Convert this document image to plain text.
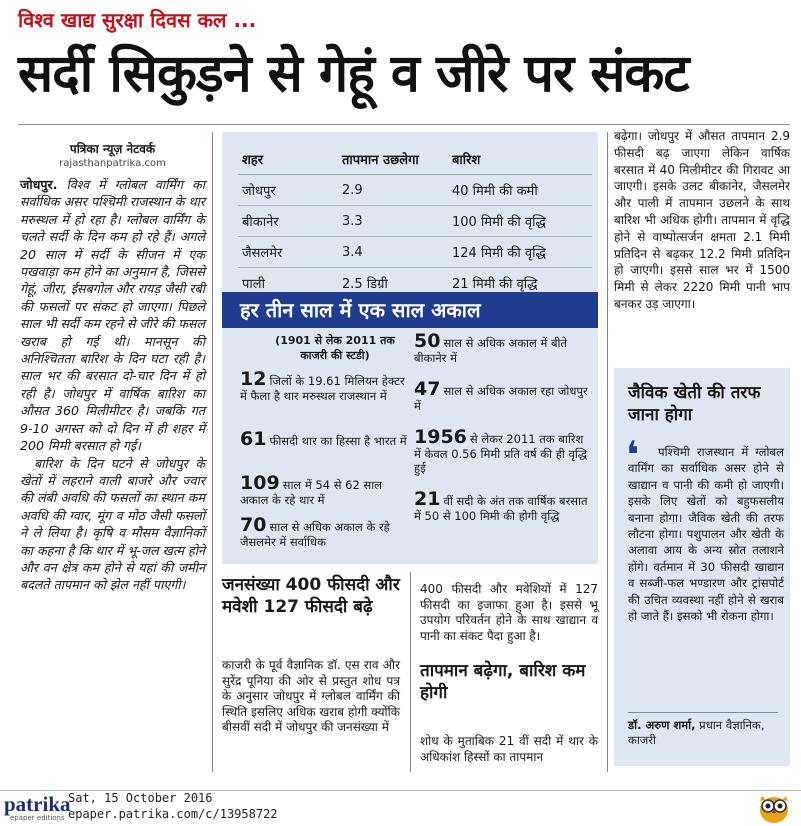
विश्व खाद्य सुरक्षा दिवस कल ...
सर्दी सिकुड़ने से गेहूं व जीरे पर संकट
पत्रिका न्यूज़ नेटवर्क
rajasthanpatrika.com

जोधपुर. विश्व में ग्लोबल वार्मिंग का सर्वाधिक असर पश्चिमी राजस्थान के थार मरुस्थल में हो रहा है। ग्लोबल वार्मिंग के चलते सर्दी के दिन कम हो रहे हैं। अगले 20 साल में सर्दी के सीजन में एक पखवाड़ा कम होने का अनुमान है, जिससे गेहूं, जीरा, ईसबगोल और रायड़ जैसी रबी की फसलों पर संकट हो जाएगा। पिछले साल भी सर्दी कम रहने से जीरे की फसल खराब हो गई थी। मानसून की अनिश्चितता बारिश के दिन घटा रही है। साल भर की बरसात दो-चार दिन में हो रही है। जोधपुर में वार्षिक बारिश का औसत 360 मिलीमीटर है। जबकि गत 9-10 अगस्त को दो दिन में ही शहर में 200 मिमी बरसात हो गई।

बारिश के दिन घटने से जोधपुर के खेतों में लहराने वाली बाजरे और ज्वार की लंबी अवधि की फसलों का स्थान कम अवधि की ग्वार, मूंग व मोठ जैसी फसलों ने ले लिया है। कृषि व मौसम वैज्ञानिकों का कहना है कि थार में भू-जल खत्म होने और वन क्षेत्र कम होने से यहां की जमीन बदलते तापमान को झेल नहीं पाएगी।

शहर	तापमान उछलेगा	बारिश
जोधपुर	2.9	40 मिमी की कमी
बीकानेर	3.3	100 मिमी की वृद्धि
जैसलमेर	3.4	124 मिमी की वृद्धि
पाली	2.5 डिग्री	21 मिमी की वृद्धि
हर तीन साल में एक साल अकाल
(1901 से लेक 2011 तक काजरी की स्टडी)
12 जिलों के 19.61 मिलियन हेक्टर में फैला है थार मरुस्थल राजस्थान में
61 फीसदी थार का हिस्सा है भारत में
109 साल में 54 से 62 साल अकाल के रहे थार में
70 साल से अधिक अकाल के रहे जैसलमेर में सर्वाधिक
50 साल से अधिक अकाल में बीते बीकानेर में
47 साल से अधिक अकाल रहा जोधपुर में
1956 से लेकर 2011 तक बारिश में केवल 0.56 मिमी प्रति वर्ष की ही वृद्धि हुई
21 वीं सदी के अंत तक वार्षिक बरसात में 50 से 100 मिमी की होगी वृद्धि
जनसंख्या 400 फीसदी और मवेशी 127 फीसदी बढ़े
काजरी के पूर्व वैज्ञानिक डॉ. एस राव और सुरेंद्र पूनिया की ओर से प्रस्तुत शोध पत्र के अनुसार जोधपुर में ग्लोबल वार्मिंग की स्थिति इसलिए अधिक खराब होगी क्योंकि बीसवीं सदी में जोधपुर की जनसंख्या में
400 फीसदी और मवेशियों में 127 फीसदी का इजाफा हुआ है। इससे भू उपयोग परिवर्तन होने के साथ खाद्यान व पानी का संकट पैदा हुआ है।
तापमान बढ़ेगा, बारिश कम होगी
शोध के मुताबिक 21 वीं सदी में थार के अधिकांश हिस्सों का तापमान
बढ़ेगा। जोधपुर में औसत तापमान 2.9 फीसदी बढ़ जाएगा लेकिन वार्षिक बरसात में 40 मिलीमीटर की गिरावट आ जाएगी। इसके उलट बीकानेर, जैसलमेर और पाली में तापमान उछलने के साथ बारिश भी अधिक होगी। तापमान में वृद्धि होने से वाष्पोत्सर्जन क्षमता 2.1 मिमी प्रतिदिन से बढ़कर 12.2 मिमी प्रतिदिन हो जाएगी। इससे साल भर में 1500 मिमी से लेकर 2220 मिमी पानी भाप बनकर उड़ जाएगा।
जैविक खेती की तरफ जाना होगा
❛	पश्चिमी राजस्थान में ग्लोबल वार्मिंग का सर्वाधिक असर होने से खाद्यान व पानी की कमी हो जाएगी। इसके लिए खेतों को बहुफसलीय बनाना होगा। जैविक खेती की तरफ लौटना होगा। पशुपालन और खेती के अलावा आय के अन्य स्रोत तलाशने होंगे। वर्तमान में 30 फीसदी खाद्यान व सब्जी-फल भण्डारण और ट्रांसपोर्ट की उचित व्यवस्था नहीं होने से खराब हो जाते हैं। इसको भी रोकना होगा।
डॉ. अरुण शर्मा, प्रधान वैज्ञानिक, काजरी
patrika
epaper editions
Sat, 15 October 2016
epaper.patrika.com/c/13958722
